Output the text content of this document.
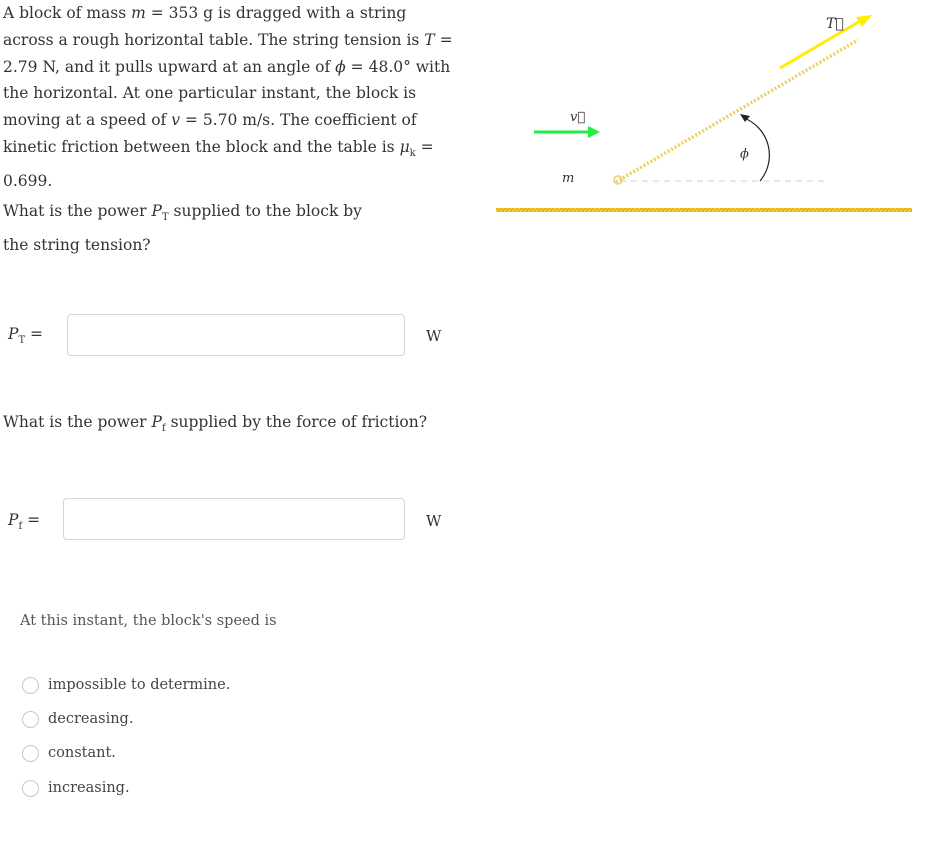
A block of mass m = 353 g is dragged with a string across a rough horizontal table. The string tension is T = 2.79 N, and it pulls upward at an angle of ϕ = 48.0° with the horizontal. At one particular instant, the block is moving at a speed of v = 5.70 m/s. The coefficient of kinetic friction between the block and the table is $\mu_k = 0.699$.
T⃗
v⃗
m
ϕ
What is the power $P_T$ supplied to the block by the string tension?
$P_T$ =	W
What is the power $P_f$ supplied by the force of friction?
$P_f$ =	W
At this instant, the block's speed is
impossible to determine.
decreasing.
constant.
increasing.
